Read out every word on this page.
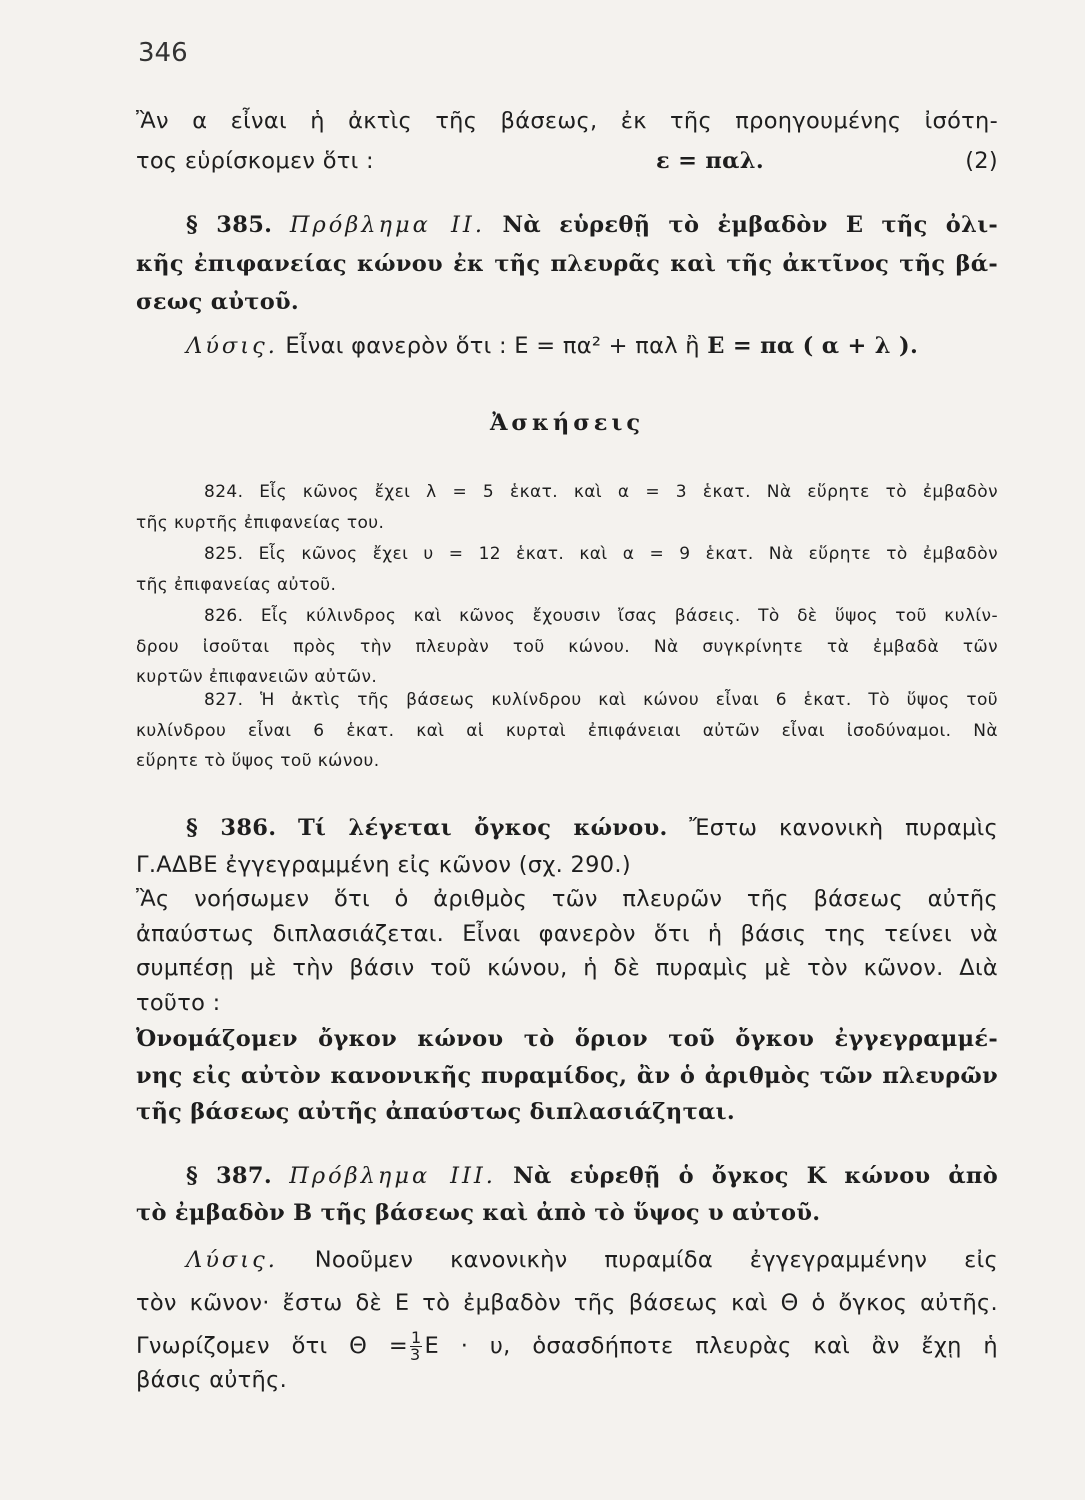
346
Ἂν α εἶναι ἡ ἀκτὶς τῆς βάσεως, ἐκ τῆς προηγουμένης ἰσότη-
τος εὑρίσκομεν ὅτι :	ε = παλ.	(2)
§ 385. Πρόβλημα II. Νὰ εὑρεθῇ τὸ ἐμβαδὸν Ε τῆς ὀλι-
κῆς ἐπιφανείας κώνου ἐκ τῆς πλευρᾶς καὶ τῆς ἀκτῖνος τῆς βά-
σεως αὐτοῦ.
Λύσις. Εἶναι φανερὸν ὅτι : Ε = πα² + παλ ἢ Ε = πα ( α + λ ).
Ἀσκήσεις
824. Εἷς κῶνος ἔχει λ = 5 ἑκατ. καὶ α = 3 ἑκατ. Νὰ εὕρητε τὸ ἐμβαδὸν
τῆς κυρτῆς ἐπιφανείας του.
825. Εἷς κῶνος ἔχει υ = 12 ἑκατ. καὶ α = 9 ἑκατ. Νὰ εὕρητε τὸ ἐμβαδὸν
τῆς ἐπιφανείας αὐτοῦ.
826. Εἷς κύλινδρος καὶ κῶνος ἔχουσιν ἴσας βάσεις. Τὸ δὲ ὕψος τοῦ κυλίν-
δρου ἰσοῦται πρὸς τὴν πλευρὰν τοῦ κώνου. Νὰ συγκρίνητε τὰ ἐμβαδὰ τῶν
κυρτῶν ἐπιφανειῶν αὐτῶν.
827. Ἡ ἀκτὶς τῆς βάσεως κυλίνδρου καὶ κώνου εἶναι 6 ἑκατ. Τὸ ὕψος τοῦ
κυλίνδρου εἶναι 6 ἑκατ. καὶ αἱ κυρταὶ ἐπιφάνειαι αὐτῶν εἶναι ἰσοδύναμοι. Νὰ
εὕρητε τὸ ὕψος τοῦ κώνου.
§ 386. Τί λέγεται ὄγκος κώνου. Ἔστω κανονικὴ πυραμὶς
Γ.ΑΔΒΕ ἐγγεγραμμένη εἰς κῶνον (σχ. 290.)
Ἂς νοήσωμεν ὅτι ὁ ἀριθμὸς τῶν πλευρῶν τῆς βάσεως αὐτῆς
ἀπαύστως διπλασιάζεται. Εἶναι φανερὸν ὅτι ἡ βάσις της τείνει νὰ
συμπέσῃ μὲ τὴν βάσιν τοῦ κώνου, ἡ δὲ πυραμὶς μὲ τὸν κῶνον. Διὰ
τοῦτο :
Ὀνομάζομεν ὄγκον κώνου τὸ ὅριον τοῦ ὄγκου ἐγγεγραμμέ-
νης εἰς αὐτὸν κανονικῆς πυραμίδος, ἂν ὁ ἀριθμὸς τῶν πλευρῶν
τῆς βάσεως αὐτῆς ἀπαύστως διπλασιάζηται.
§ 387. Πρόβλημα III. Νὰ εὑρεθῇ ὁ ὄγκος Κ κώνου ἀπὸ
τὸ ἐμβαδὸν Β τῆς βάσεως καὶ ἀπὸ τὸ ὕψος υ αὐτοῦ.
Λύσις. Νοοῦμεν κανονικὴν πυραμίδα ἐγγεγραμμένην εἰς
τὸν κῶνον· ἔστω δὲ Ε τὸ ἐμβαδὸν τῆς βάσεως καὶ Θ ὁ ὄγκος αὐτῆς.
Γνωρίζομεν ὅτι $\Theta = \frac{1}{3}$ Ε · υ, ὁσασδήποτε πλευρὰς καὶ ἂν ἔχῃ ἡ
βάσις αὐτῆς.
